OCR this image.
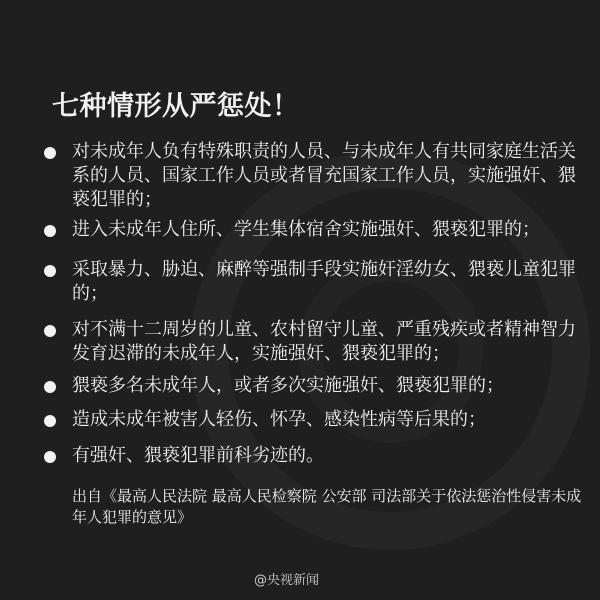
七种情形从严惩处！
对未成年人负有特殊职责的人员、与未成年人有共同家庭生活关系的人员、国家工作人员或者冒充国家工作人员，实施强奸、猥亵犯罪的；
进入未成年人住所、学生集体宿舍实施强奸、猥亵犯罪的；
采取暴力、胁迫、麻醉等强制手段实施奸淫幼女、猥亵儿童犯罪的；
对不满十二周岁的儿童、农村留守儿童、严重残疾或者精神智力发育迟滞的未成年人，实施强奸、猥亵犯罪的；
猥亵多名未成年人，或者多次实施强奸、猥亵犯罪的；
造成未成年被害人轻伤、怀孕、感染性病等后果的；
有强奸、猥亵犯罪前科劣迹的。
出自《最高人民法院 最高人民检察院 公安部 司法部关于依法惩治性侵害未成年人犯罪的意见》
@央视新闻
